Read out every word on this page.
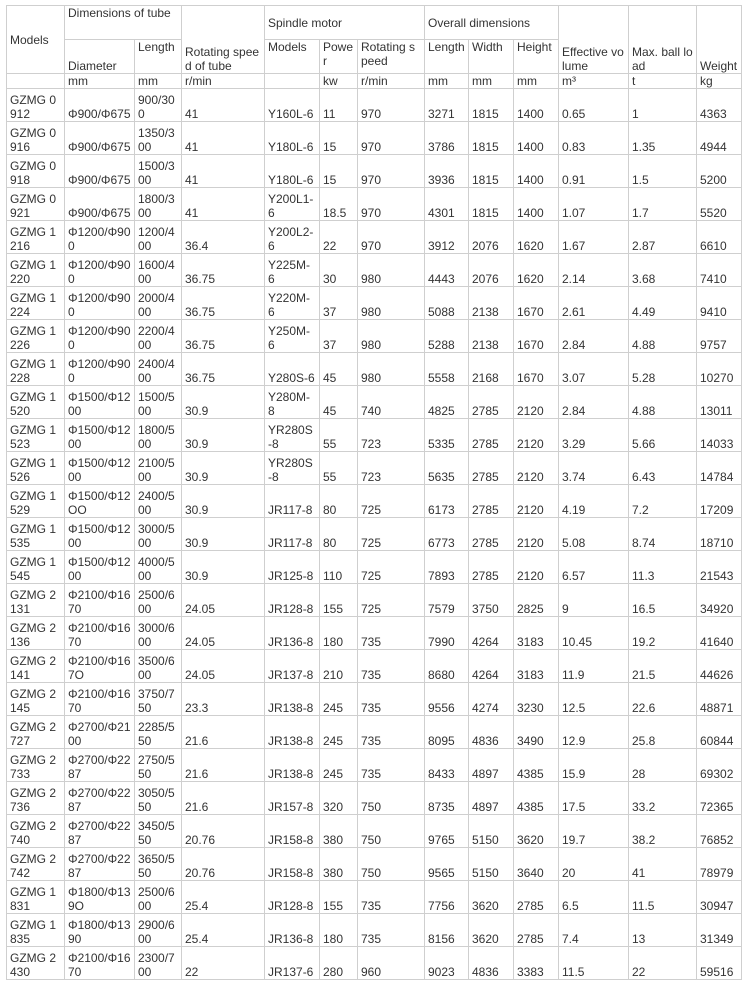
Models	Dimensions of tube		Rotating speed of tube	Spindle motor			Overall dimensions			Effective volume	Max. ball load	Weight
	Diameter	Length		Models	Power	Rotating speed	Length	Width	Height			
	mm	mm	r/min		kw	r/min	mm	mm	mm	m³	t	kg
GZMG 0912	Φ900/Φ675	900/300	41	Y160L-6	11	970	3271	1815	1400	0.65	1	4363
GZMG 0916	Φ900/Φ675	1350/300	41	Y180L-6	15	970	3786	1815	1400	0.83	1.35	4944
GZMG 0918	Φ900/Φ675	1500/300	41	Y180L-6	15	970	3936	1815	1400	0.91	1.5	5200
GZMG 0921	Φ900/Φ675	1800/300	41	Y200L1-6	18.5	970	4301	1815	1400	1.07	1.7	5520
GZMG 1216	Φ1200/Φ900	1200/400	36.4	Y200L2-6	22	970	3912	2076	1620	1.67	2.87	6610
GZMG 1220	Φ1200/Φ900	1600/400	36.75	Y225M-6	30	980	4443	2076	1620	2.14	3.68	7410
GZMG 1224	Φ1200/Φ900	2000/400	36.75	Y220M-6	37	980	5088	2138	1670	2.61	4.49	9410
GZMG 1226	Φ1200/Φ900	2200/400	36.75	Y250M-6	37	980	5288	2138	1670	2.84	4.88	9757
GZMG 1228	Φ1200/Φ900	2400/400	36.75	Y280S-6	45	980	5558	2168	1670	3.07	5.28	10270
GZMG 1520	Φ1500/Φ1200	1500/500	30.9	Y280M-8	45	740	4825	2785	2120	2.84	4.88	13011
GZMG 1523	Φ1500/Φ1200	1800/500	30.9	YR280S-8	55	723	5335	2785	2120	3.29	5.66	14033
GZMG 1526	Φ1500/Φ1200	2100/500	30.9	YR280S-8	55	723	5635	2785	2120	3.74	6.43	14784
GZMG 1529	Φ1500/Φ12OO	2400/500	30.9	JR117-8	80	725	6173	2785	2120	4.19	7.2	17209
GZMG 1535	Φ1500/Φ1200	3000/500	30.9	JR117-8	80	725	6773	2785	2120	5.08	8.74	18710
GZMG 1545	Φ1500/Φ1200	4000/500	30.9	JR125-8	110	725	7893	2785	2120	6.57	11.3	21543
GZMG 2131	Φ2100/Φ1670	2500/600	24.05	JR128-8	155	725	7579	3750	2825	9	16.5	34920
GZMG 2136	Φ2100/Φ1670	3000/600	24.05	JR136-8	180	735	7990	4264	3183	10.45	19.2	41640
GZMG 2141	Φ2100/Φ167O	3500/600	24.05	JR137-8	210	735	8680	4264	3183	11.9	21.5	44626
GZMG 2145	Φ2100/Φ1670	3750/750	23.3	JR138-8	245	735	9556	4274	3230	12.5	22.6	48871
GZMG 2727	Φ2700/Φ2100	2285/550	21.6	JR138-8	245	735	8095	4836	3490	12.9	25.8	60844
GZMG 2733	Φ2700/Φ2287	2750/550	21.6	JR138-8	245	735	8433	4897	4385	15.9	28	69302
GZMG 2736	Φ2700/Φ2287	3050/550	21.6	JR157-8	320	750	8735	4897	4385	17.5	33.2	72365
GZMG 2740	Φ2700/Φ2287	3450/550	20.76	JR158-8	380	750	9765	5150	3620	19.7	38.2	76852
GZMG 2742	Φ2700/Φ2287	3650/550	20.76	JR158-8	380	750	9565	5150	3640	20	41	78979
GZMG 1831	Φ1800/Φ139O	2500/600	25.4	JR128-8	155	735	7756	3620	2785	6.5	11.5	30947
GZMG 1835	Φ1800/Φ1390	2900/600	25.4	JR136-8	180	735	8156	3620	2785	7.4	13	31349
GZMG 2430	Φ2100/Φ1670	2300/700	22	JR137-6	280	960	9023	4836	3383	11.5	22	59516
